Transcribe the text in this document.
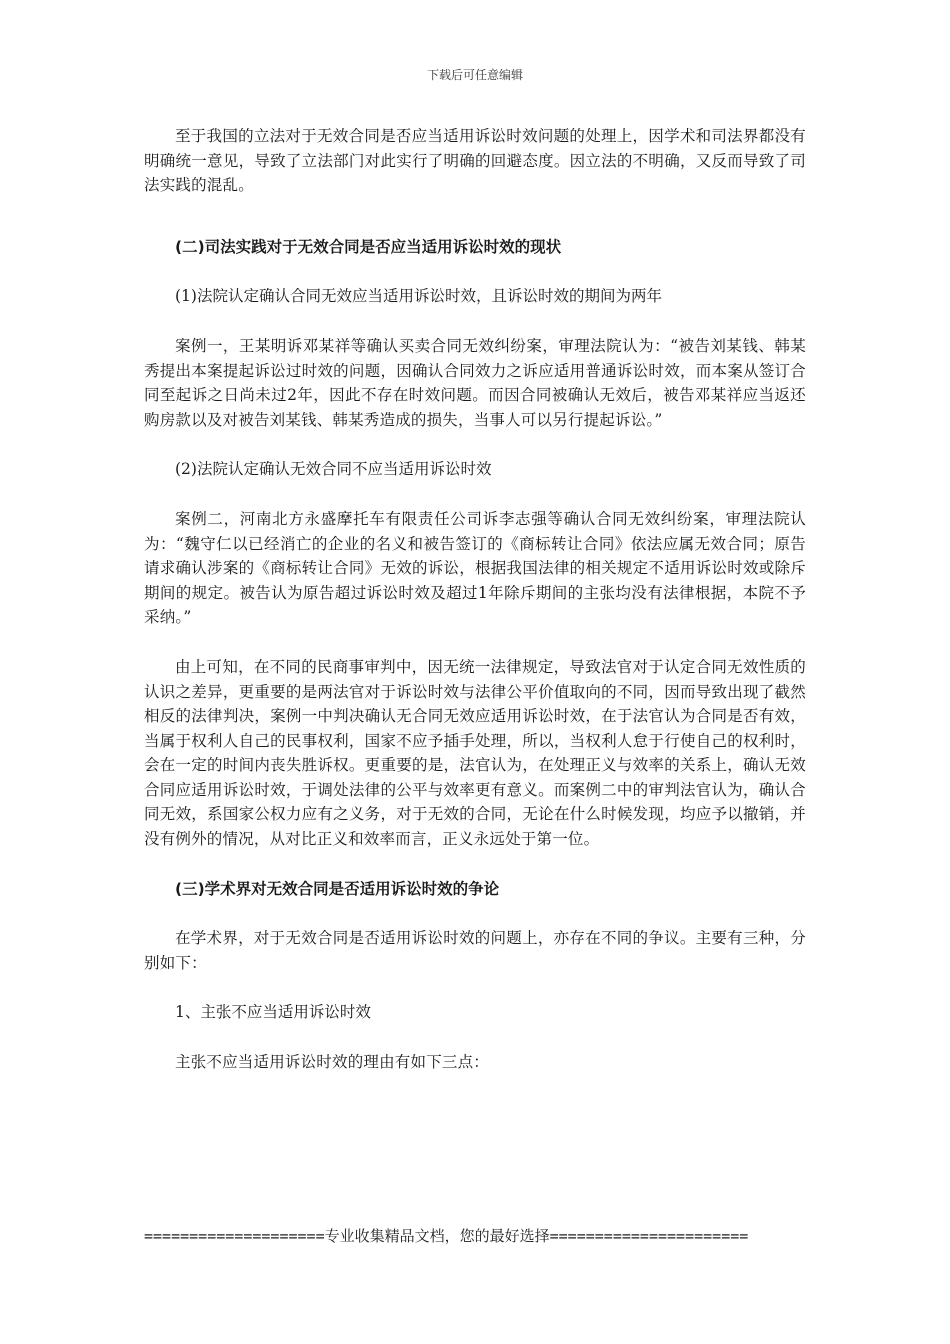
下载后可任意编辑

至于我国的立法对于无效合同是否应当适用诉讼时效问题的处理上，因学术和司法界都没有明确统一意见，导致了立法部门对此实行了明确的回避态度。因立法的不明确，又反而导致了司法实践的混乱。

(二)司法实践对于无效合同是否应当适用诉讼时效的现状

(1)法院认定确认合同无效应当适用诉讼时效，且诉讼时效的期间为两年

案例一，王某明诉邓某祥等确认买卖合同无效纠纷案，审理法院认为：“被告刘某钱、韩某秀提出本案提起诉讼过时效的问题，因确认合同效力之诉应适用普通诉讼时效，而本案从签订合同至起诉之日尚未过2年，因此不存在时效问题。而因合同被确认无效后，被告邓某祥应当返还购房款以及对被告刘某钱、韩某秀造成的损失，当事人可以另行提起诉讼。”

(2)法院认定确认无效合同不应当适用诉讼时效

案例二，河南北方永盛摩托车有限责任公司诉李志强等确认合同无效纠纷案，审理法院认为：“魏守仁以已经消亡的企业的名义和被告签订的《商标转让合同》依法应属无效合同；原告请求确认涉案的《商标转让合同》无效的诉讼，根据我国法律的相关规定不适用诉讼时效或除斥期间的规定。被告认为原告超过诉讼时效及超过1年除斥期间的主张均没有法律根据，本院不予采纳。”

由上可知，在不同的民商事审判中，因无统一法律规定，导致法官对于认定合同无效性质的认识之差异，更重要的是两法官对于诉讼时效与法律公平价值取向的不同，因而导致出现了截然相反的法律判决，案例一中判决确认无合同无效应适用诉讼时效，在于法官认为合同是否有效，当属于权利人自己的民事权利，国家不应予插手处理，所以，当权利人怠于行使自己的权利时，会在一定的时间内丧失胜诉权。更重要的是，法官认为，在处理正义与效率的关系上，确认无效合同应适用诉讼时效，于调处法律的公平与效率更有意义。而案例二中的审判法官认为，确认合同无效，系国家公权力应有之义务，对于无效的合同，无论在什么时候发现，均应予以撤销，并没有例外的情况，从对比正义和效率而言，正义永远处于第一位。

(三)学术界对无效合同是否适用诉讼时效的争论

在学术界，对于无效合同是否适用诉讼时效的问题上，亦存在不同的争议。主要有三种，分别如下：

1、主张不应当适用诉讼时效

主张不应当适用诉讼时效的理由有如下三点：

====================专业收集精品文档，您的最好选择======================
